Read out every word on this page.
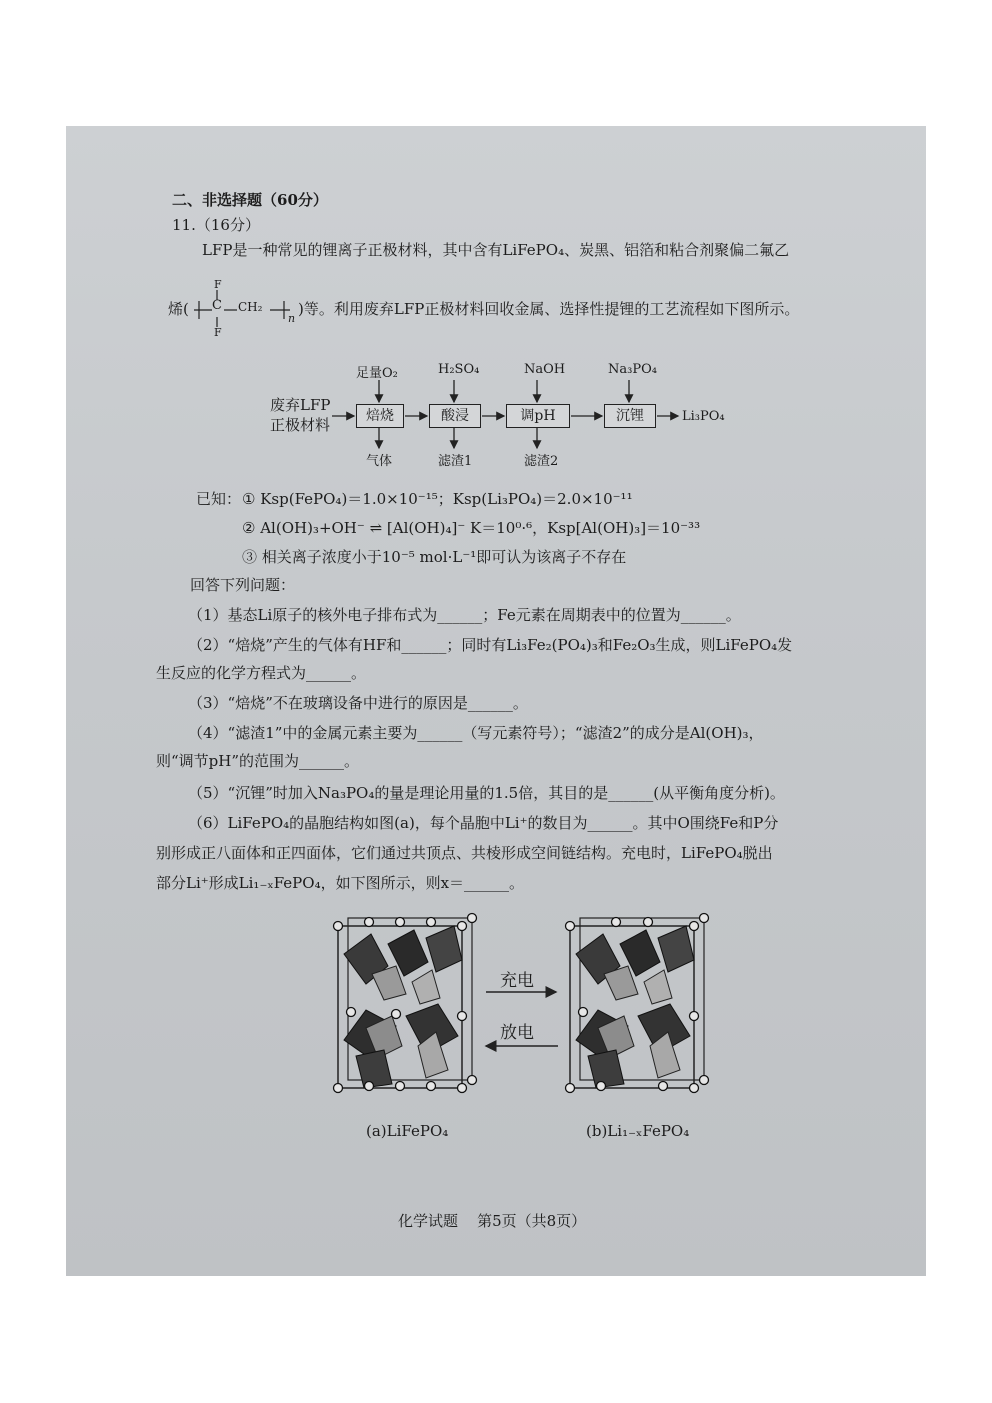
二、非选择题（60分）
11.（16分）
LFP是一种常见的锂离子正极材料，其中含有LiFePO₄、炭黑、铝箔和粘合剂聚偏二氟乙
烯(
F
C
F
CH₂
n
)等。利用废弃LFP正极材料回收金属、选择性提锂的工艺流程如下图所示。
废弃LFP
正极材料	焙烧	酸浸	调pH	沉锂
足量O₂	H₂SO₄	NaOH	Na₃PO₄
气体	滤渣1	滤渣2
Li₃PO₄
已知： ① Ksp(FePO₄)＝1.0×10⁻¹⁵；Ksp(Li₃PO₄)＝2.0×10⁻¹¹
② Al(OH)₃+OH⁻ ⇌ [Al(OH)₄]⁻ K＝10⁰·⁶，Ksp[Al(OH)₃]＝10⁻³³
③ 相关离子浓度小于10⁻⁵ mol·L⁻¹即可认为该离子不存在
回答下列问题：
（1）基态Li原子的核外电子排布式为______；Fe元素在周期表中的位置为______。
（2）“焙烧”产生的气体有HF和______；同时有Li₃Fe₂(PO₄)₃和Fe₂O₃生成，则LiFePO₄发
生反应的化学方程式为______。
（3）“焙烧”不在玻璃设备中进行的原因是______。
（4）“滤渣1”中的金属元素主要为______（写元素符号）；“滤渣2”的成分是Al(OH)₃，
则“调节pH”的范围为______。
（5）“沉锂”时加入Na₃PO₄的量是理论用量的1.5倍，其目的是______(从平衡角度分析)。
（6）LiFePO₄的晶胞结构如图(a)，每个晶胞中Li⁺的数目为______。其中O围绕Fe和P分
别形成正八面体和正四面体，它们通过共顶点、共棱形成空间链结构。充电时，LiFePO₄脱出
部分Li⁺形成Li₁₋ₓFePO₄，如下图所示，则x＝______。
充电
放电
(a)LiFePO₄	(b)Li₁₋ₓFePO₄
化学试题    第5页（共8页）
